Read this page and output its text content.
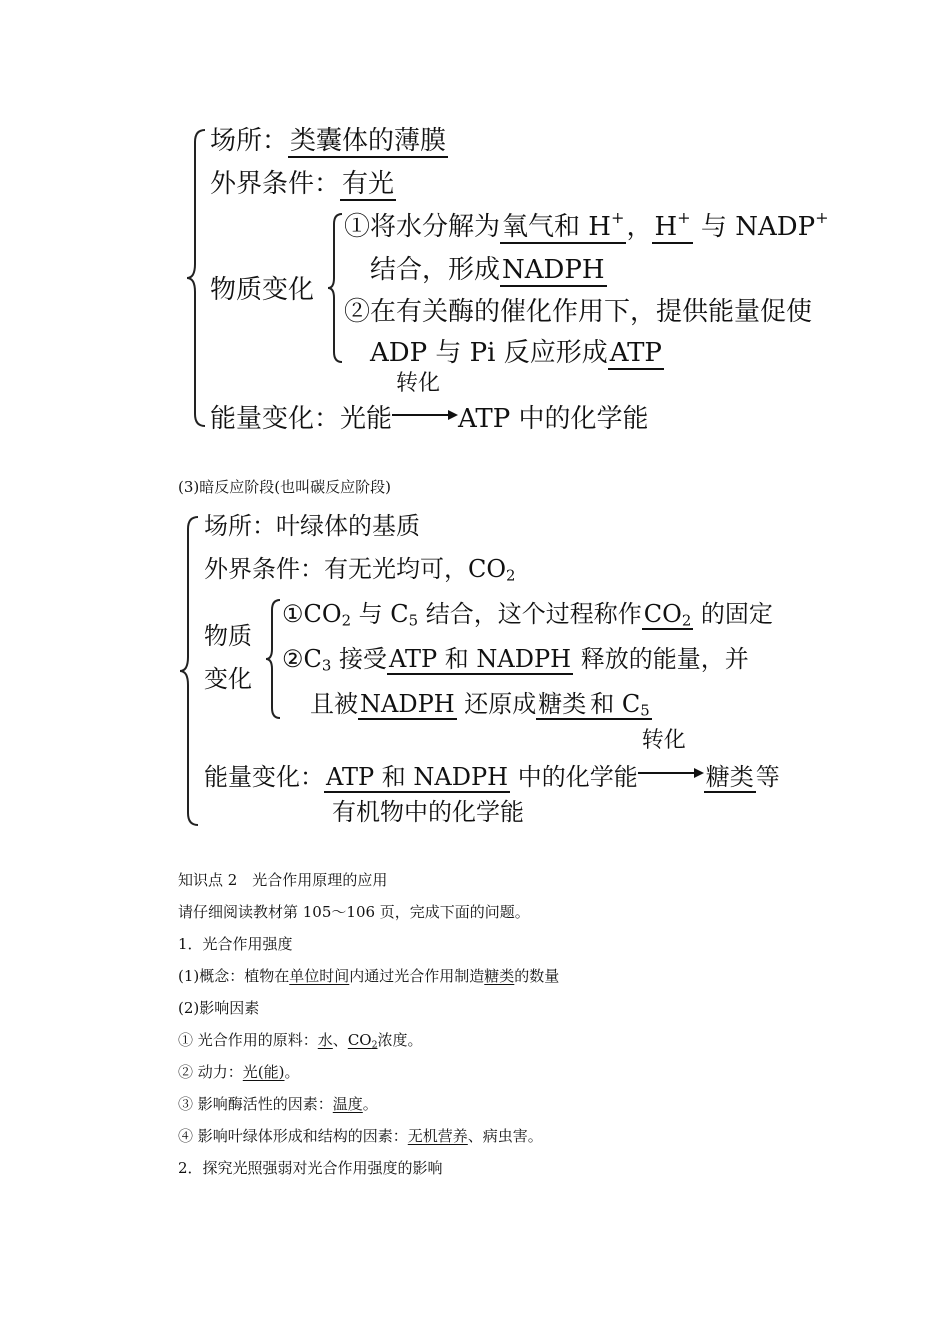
场所：类囊体的薄膜
外界条件：有光
物质变化
①将水分解为氧气和 H+，H+ 与 NADP+
结合，形成NADPH
②在有关酶的催化作用下，提供能量促使
ADP 与 Pi 反应形成ATP
能量变化：光能
转化
ATP 中的化学能
(3)暗反应阶段(也叫碳反应阶段)
场所：叶绿体的基质
外界条件：有无光均可，$CO_2$
物质
变化
$①CO_2$ 与 $C_5$ 结合，这个过程称作$CO_2$ 的固定
$②C_3$ 接受ATP 和 NADPH 释放的能量，并
且被NADPH 还原成糖类 和 $C_5$
能量变化：ATP 和 NADPH 中的化学能
转化
糖类等
有机物中的化学能
知识点 2　光合作用原理的应用
请仔细阅读教材第 105～106 页，完成下面的问题。
1．光合作用强度
(1)概念：植物在单位时间内通过光合作用制造糖类的数量
(2)影响因素
① 光合作用的原料：水、$CO_2$浓度。
② 动力：光(能)。
③ 影响酶活性的因素：温度。
④ 影响叶绿体形成和结构的因素：无机营养、病虫害。
2．探究光照强弱对光合作用强度的影响
